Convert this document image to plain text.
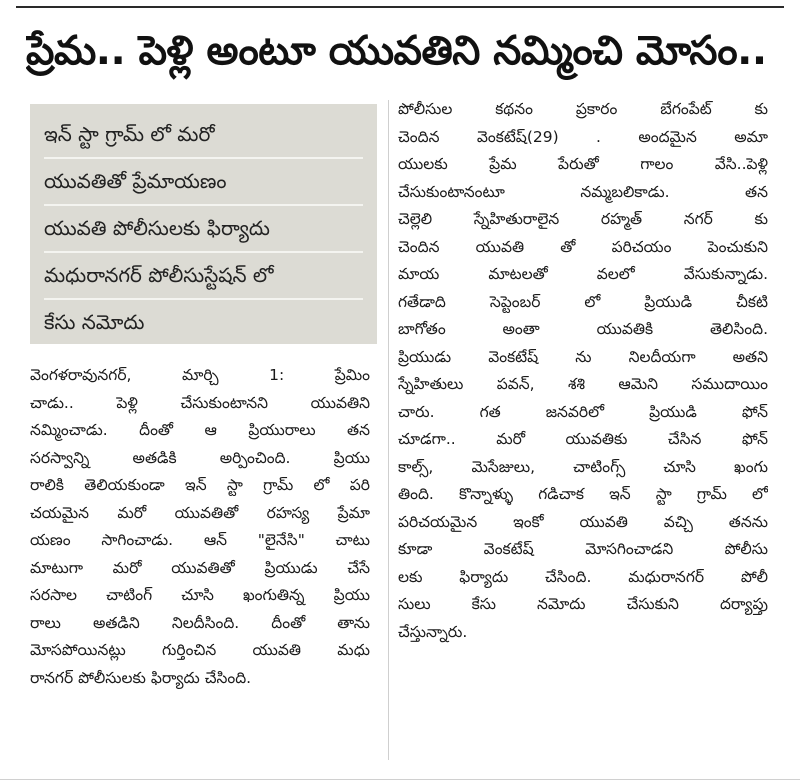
ప్రేమ.. పెళ్లి అంటూ యువతిని నమ్మించి మోసం..
ఇన్ స్టా గ్రామ్ లో మరో
యువతితో ప్రేమాయణం
యువతి పోలీసులకు ఫిర్యాదు
మధురానగర్ పోలీసుస్టేషన్ లో
కేసు నమోదు
వెంగళరావునగర్, మార్చి 1: ప్రేమిం
చాడు.. పెళ్లి చేసుకుంటానని యువతిని
నమ్మించాడు. దీంతో ఆ ప్రియురాలు తన
సరస్వాన్ని అతడికి అర్పించింది. ప్రియు
రాలికి తెలియకుండా ఇన్ స్టా గ్రామ్ లో పరి
చయమైన మరో యువతితో రహస్య ప్రేమా
యణం సాగించాడు. ఆన్ "లైనేసి" చాటు
మాటుగా మరో యువతితో ప్రియుడు చేసే
సరసాల చాటింగ్ చూసి ఖంగుతిన్న ప్రియు
రాలు అతడిని నిలదీసింది. దీంతో తాను
మోసపోయినట్లు గుర్తించిన యువతి మధు
రానగర్ పోలీసులకు ఫిర్యాదు చేసింది.
పోలీసుల కథనం ప్రకారం బేగంపేట్ కు
చెందిన వెంకటేష్(29) . అందమైన అమా
యులకు ప్రేమ పేరుతో గాలం వేసి..పెళ్లి
చేసుకుంటానంటూ నమ్మబలికాడు. తన
చెల్లెలి స్నేహితురాలైన రహ్మత్ నగర్ కు
చెందిన యువతి తో పరిచయం పెంచుకుని
మాయ మాటలతో వలలో వేసుకున్నాడు.
గతేడాది సెప్టెంబర్ లో ప్రియుడి చీకటి
బాగోతం అంతా యువతికి తెలిసింది.
ప్రియుడు వెంకటేష్ ను నిలదీయగా అతని
స్నేహితులు పవన్, శశి ఆమెని సముదాయిం
చారు. గత జనవరిలో ప్రియుడి ఫోన్
చూడగా.. మరో యువతికు చేసిన ఫోన్
కాల్స్, మెసేజులు, చాటింగ్స్ చూసి ఖంగు
తింది. కొన్నాళ్ళు గడిచాక ఇన్ స్టా గ్రామ్ లో
పరిచయమైన ఇంకో యువతి వచ్చి తనను
కూడా వెంకటేష్ మోసగించాడని పోలీసు
లకు ఫిర్యాదు చేసింది. మధురానగర్ పోలీ
సులు కేసు నమోదు చేసుకుని దర్యాప్తు
చేస్తున్నారు.
